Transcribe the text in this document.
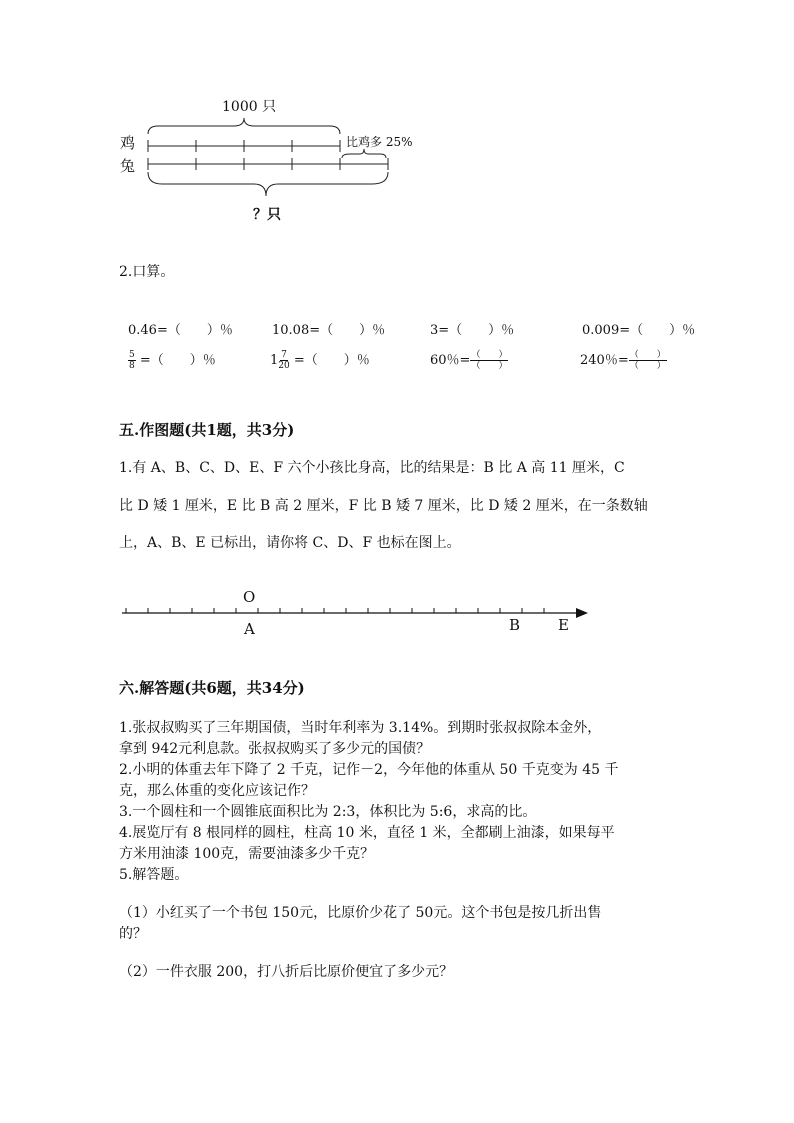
1000 只
鸡
兔
比鸡多 25%
？只
2.口算。
0.46=（　　）％	10.08=（　　）％	3=（　　）％	0.009=（　　）％
$\frac{5}{8}$ =（　　）％	$1 \frac{7}{20}$ =（　　）％	60％= $\frac{( )}{( )}$	240％= $\frac{( )}{( )}$
五.作图题(共1题，共3分)
1.有 A、B、C、D、E、F 六个小孩比身高，比的结果是：B 比 A 高 11 厘米，C
比 D 矮 1 厘米，E 比 B 高 2 厘米，F 比 B 矮 7 厘米，比 D 矮 2 厘米，在一条数轴
上，A、B、E 已标出，请你将 C、D、F 也标在图上。
O
A	B	E
六.解答题(共6题，共34分)
1.张叔叔购买了三年期国债，当时年利率为 3.14%。到期时张叔叔除本金外，
拿到 942元利息款。张叔叔购买了多少元的国债？
2.小明的体重去年下降了 2 千克，记作－2，今年他的体重从 50 千克变为 45 千
克，那么体重的变化应该记作？
3.一个圆柱和一个圆锥底面积比为 2:3，体积比为 5:6，求高的比。
4.展览厅有 8 根同样的圆柱，柱高 10 米，直径 1 米，全都刷上油漆，如果每平
方米用油漆 100克，需要油漆多少千克？
5.解答题。
（1）小红买了一个书包 150元，比原价少花了 50元。这个书包是按几折出售
的？
（2）一件衣服 200，打八折后比原价便宜了多少元？
